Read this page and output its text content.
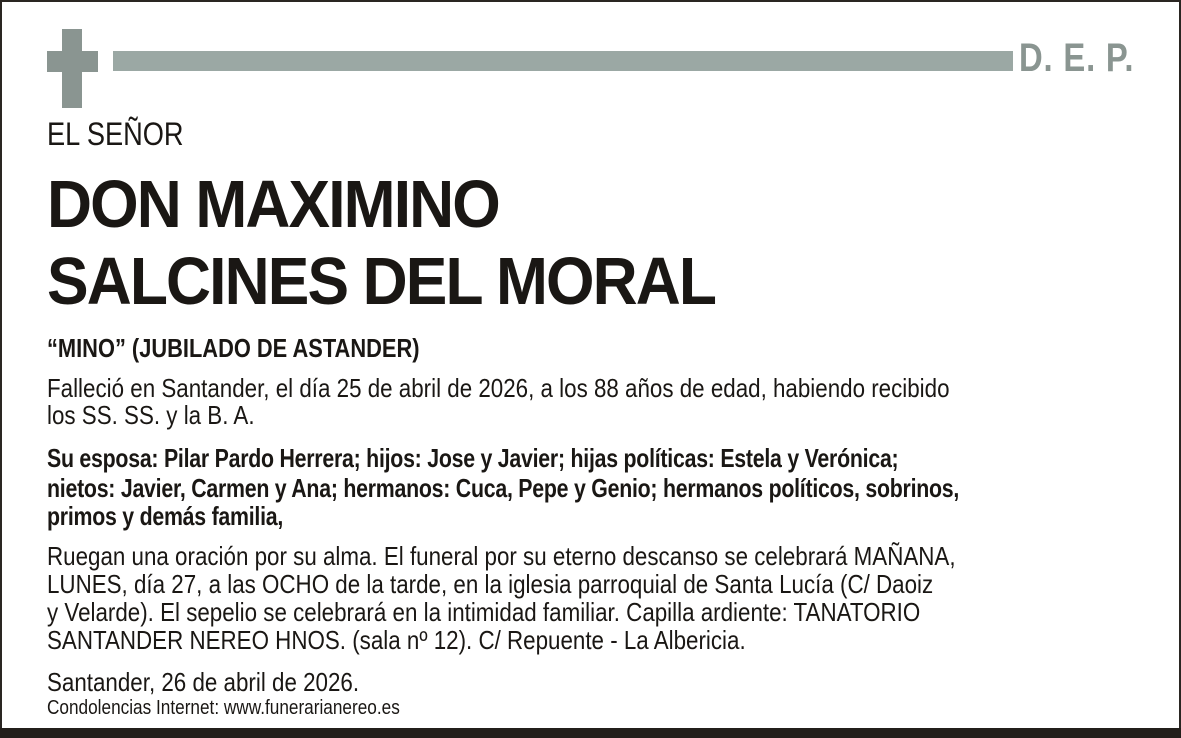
D. E. P.
EL SEÑOR
DON MAXIMINO
SALCINES DEL MORAL
“MINO” (JUBILADO DE ASTANDER)
Falleció en Santander, el día 25 de abril de 2026, a los 88 años de edad, habiendo recibido
los SS. SS. y la B. A.
Su esposa: Pilar Pardo Herrera; hijos: Jose y Javier; hijas políticas: Estela y Verónica;
nietos: Javier, Carmen y Ana; hermanos: Cuca, Pepe y Genio; hermanos políticos, sobrinos,
primos y demás familia,
Ruegan una oración por su alma. El funeral por su eterno descanso se celebrará MAÑANA,
LUNES, día 27, a las OCHO de la tarde, en la iglesia parroquial de Santa Lucía (C/ Daoiz
y Velarde). El sepelio se celebrará en la intimidad familiar. Capilla ardiente: TANATORIO
SANTANDER NEREO HNOS. (sala nº 12). C/ Repuente - La Albericia.
Santander, 26 de abril de 2026.
Condolencias Internet: www.funerarianereo.es
